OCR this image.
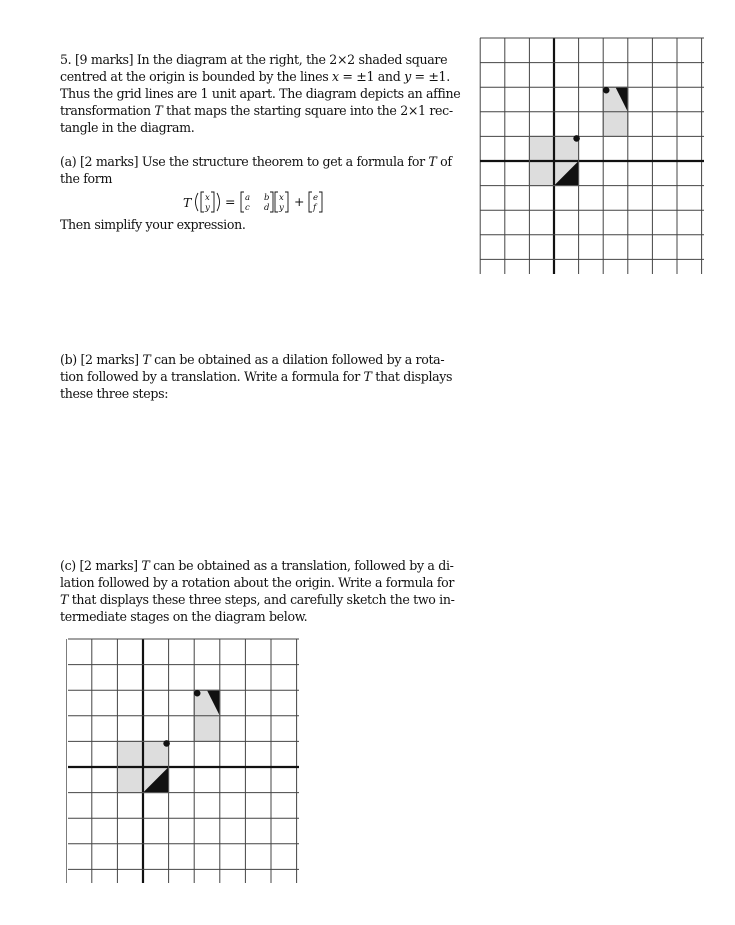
5. [9 marks] In the diagram at the right, the 2×2 shaded square

centred at the origin is bounded by the lines x = ±1 and y = ±1.

Thus the grid lines are 1 unit apart. The diagram depicts an affine

transformation T that maps the starting square into the 2×1 rec-

tangle in the diagram.

(a) [2 marks] Use the structure theorem to get a formula for T of

the form

T x
y = a b
c d
x
y + e
f

Then simplify your expression.

(b) [2 marks] T can be obtained as a dilation followed by a rota-

tion followed by a translation. Write a formula for T that displays

these three steps:

(c) [2 marks] T can be obtained as a translation, followed by a di-

lation followed by a rotation about the origin. Write a formula for

T that displays these three steps, and carefully sketch the two in-

termediate stages on the diagram below.
